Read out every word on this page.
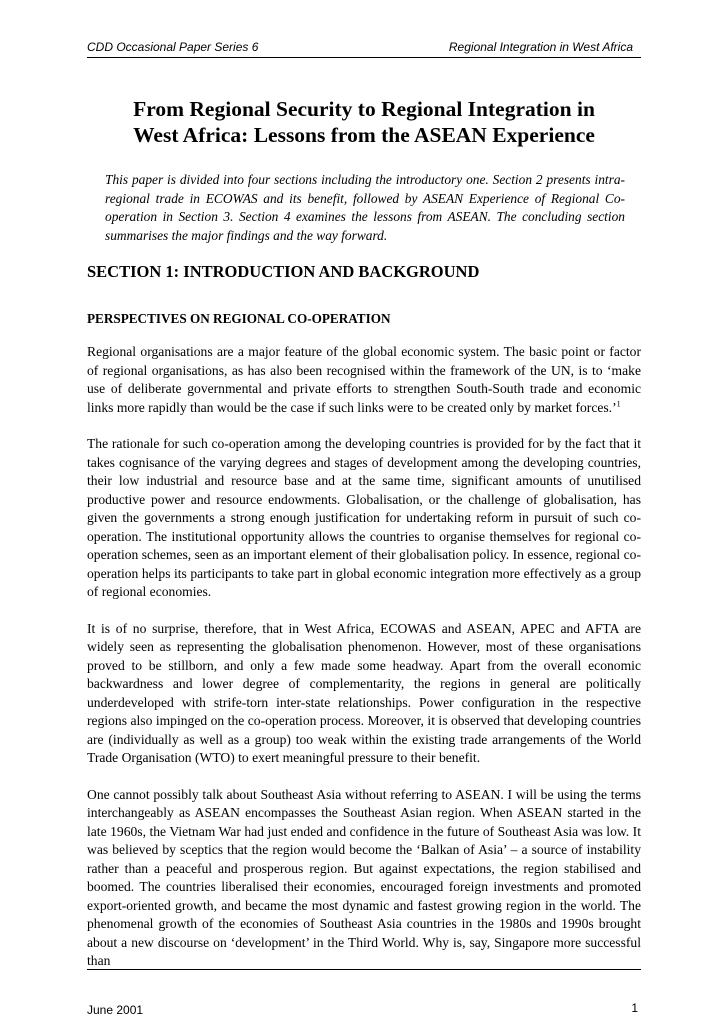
CDD Occasional Paper Series 6	Regional Integration in West Africa
From Regional Security to Regional Integration in
West Africa: Lessons from the ASEAN Experience
This paper is divided into four sections including the introductory one. Section 2 presents intra-regional trade in ECOWAS and its benefit, followed by ASEAN Experience of Regional Co-operation in Section 3. Section 4 examines the lessons from ASEAN. The concluding section summarises the major findings and the way forward.
SECTION 1: INTRODUCTION AND BACKGROUND
PERSPECTIVES ON REGIONAL CO-OPERATION

Regional organisations are a major feature of the global economic system. The basic point or factor of regional organisations, as has also been recognised within the framework of the UN, is to ‘make use of deliberate governmental and private efforts to strengthen South-South trade and economic links more rapidly than would be the case if such links were to be created only by market forces.’$^1$

The rationale for such co-operation among the developing countries is provided for by the fact that it takes cognisance of the varying degrees and stages of development among the developing countries, their low industrial and resource base and at the same time, significant amounts of unutilised productive power and resource endowments. Globalisation, or the challenge of globalisation, has given the governments a strong enough justification for undertaking reform in pursuit of such co-operation. The institutional opportunity allows the countries to organise themselves for regional co-operation schemes, seen as an important element of their globalisation policy. In essence, regional co-operation helps its participants to take part in global economic integration more effectively as a group of regional economies.

It is of no surprise, therefore, that in West Africa, ECOWAS and ASEAN, APEC and AFTA are widely seen as representing the globalisation phenomenon. However, most of these organisations proved to be stillborn, and only a few made some headway. Apart from the overall economic backwardness and lower degree of complementarity, the regions in general are politically underdeveloped with strife-torn inter-state relationships. Power configuration in the respective regions also impinged on the co-operation process. Moreover, it is observed that developing countries are (individually as well as a group) too weak within the existing trade arrangements of the World Trade Organisation (WTO) to exert meaningful pressure to their benefit.

One cannot possibly talk about Southeast Asia without referring to ASEAN. I will be using the terms interchangeably as ASEAN encompasses the Southeast Asian region. When ASEAN started in the late 1960s, the Vietnam War had just ended and confidence in the future of Southeast Asia was low. It was believed by sceptics that the region would become the ‘Balkan of Asia’ – a source of instability rather than a peaceful and prosperous region. But against expectations, the region stabilised and boomed. The countries liberalised their economies, encouraged foreign investments and promoted export-oriented growth, and became the most dynamic and fastest growing region in the world. The phenomenal growth of the economies of Southeast Asia countries in the 1980s and 1990s brought about a new discourse on ‘development’ in the Third World. Why is, say, Singapore more successful than

June 2001	1
